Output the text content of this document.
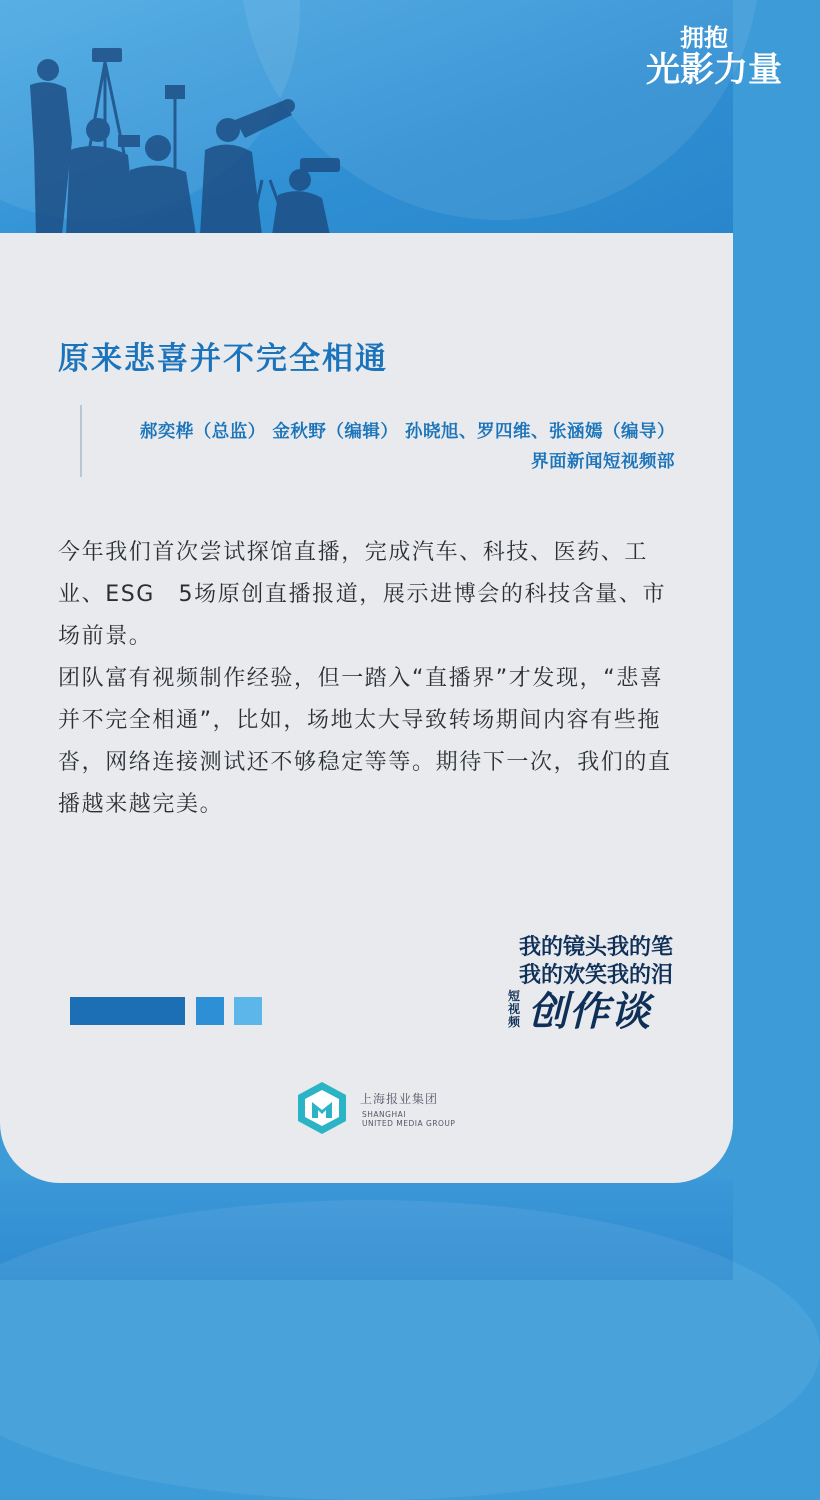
拥抱
光影力量
原来悲喜并不完全相通
郝奕桦（总监） 金秋野（编辑） 孙晓旭、罗四维、张涵嫣（编导）
界面新闻短视频部

今年我们首次尝试探馆直播，完成汽车、科技、医药、工业、ESG　5场原创直播报道，展示进博会的科技含量、市场前景。

团队富有视频制作经验，但一踏入“直播界”才发现，“悲喜并不完全相通”，比如，场地太大导致转场期间内容有些拖沓，网络连接测试还不够稳定等等。期待下一次，我们的直播越来越完美。

我的镜头我的笔
我的欢笑我的泪
短视频 创作谈
上海报业集团
SHANGHAI
UNITED MEDIA GROUP
